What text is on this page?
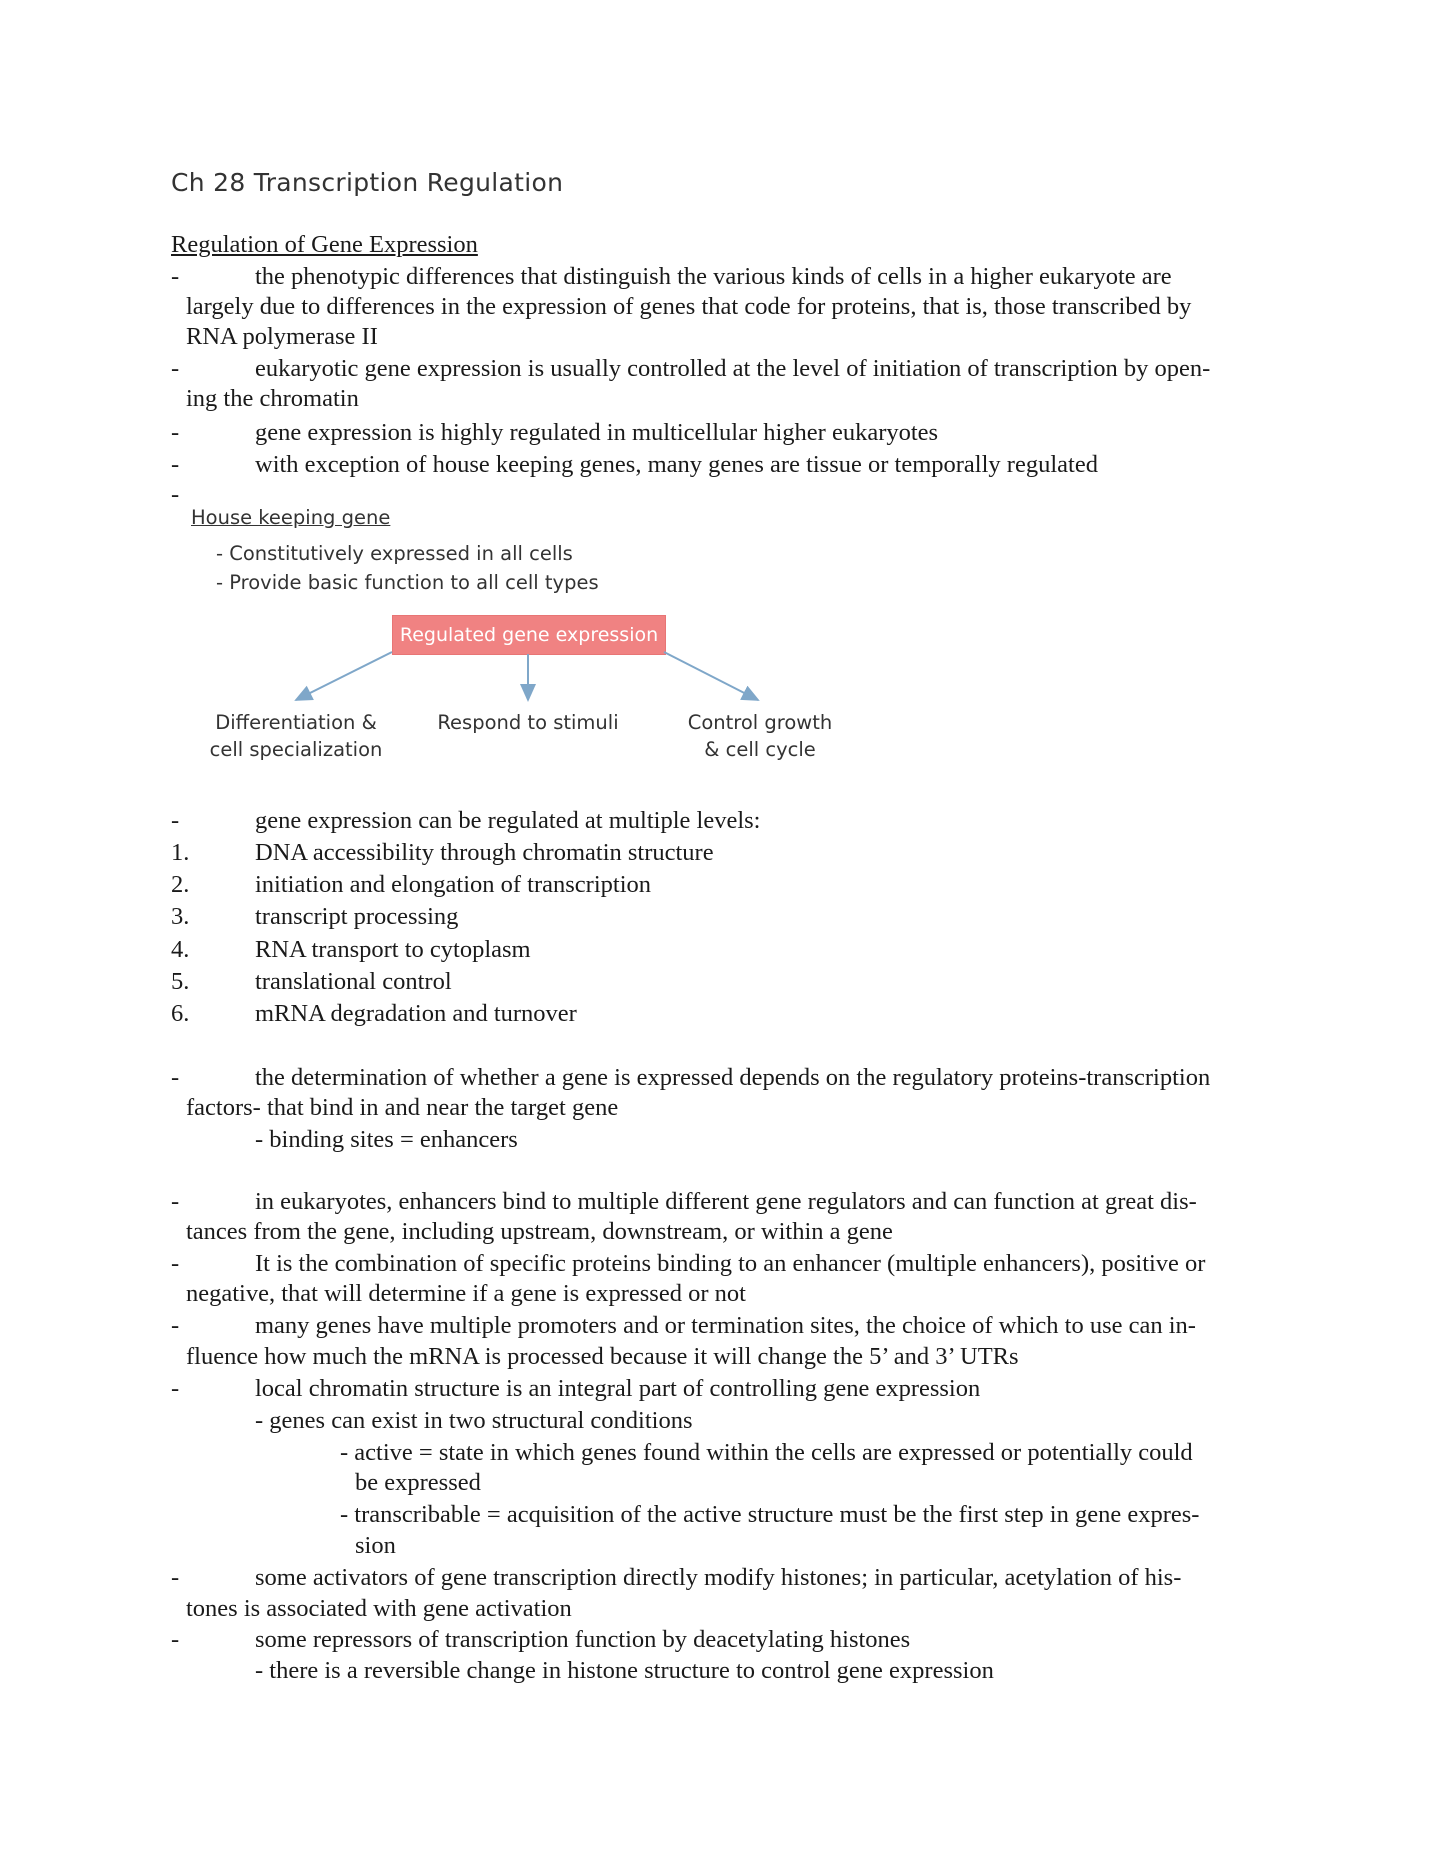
Ch 28 Transcription Regulation
Regulation of Gene Expression
-	the phenotypic differences that distinguish the various kinds of cells in a higher eukaryote are
largely due to differences in the expression of genes that code for proteins, that is, those transcribed by
RNA polymerase II
-	eukaryotic gene expression is usually controlled at the level of initiation of transcription by open-
ing the chromatin
-	gene expression is highly regulated in multicellular higher eukaryotes
-	with exception of house keeping genes, many genes are tissue or temporally regulated
-
House keeping gene
- Constitutively expressed in all cells
- Provide basic function to all cell types
Regulated gene expression
Differentiation &
cell specialization
Respond to stimuli	Control growth
& cell cycle
-	gene expression can be regulated at multiple levels:
1.	DNA accessibility through chromatin structure
2.	initiation and elongation of transcription
3.	transcript processing
4.	RNA transport to cytoplasm
5.	translational control
6.	mRNA degradation and turnover
-	the determination of whether a gene is expressed depends on the regulatory proteins-transcription
factors- that bind in and near the target gene
- binding sites = enhancers
-	in eukaryotes, enhancers bind to multiple different gene regulators and can function at great dis-
tances from the gene, including upstream, downstream, or within a gene
-	It is the combination of specific proteins binding to an enhancer (multiple enhancers), positive or
negative, that will determine if a gene is expressed or not
-	many genes have multiple promoters and or termination sites, the choice of which to use can in-
fluence how much the mRNA is processed because it will change the 5’ and 3’ UTRs
-	local chromatin structure is an integral part of controlling gene expression
- genes can exist in two structural conditions
- active = state in which genes found within the cells are expressed or potentially could
be expressed
- transcribable = acquisition of the active structure must be the first step in gene expres-
sion
-	some activators of gene transcription directly modify histones; in particular, acetylation of his-
tones is associated with gene activation
-	some repressors of transcription function by deacetylating histones
- there is a reversible change in histone structure to control gene expression
